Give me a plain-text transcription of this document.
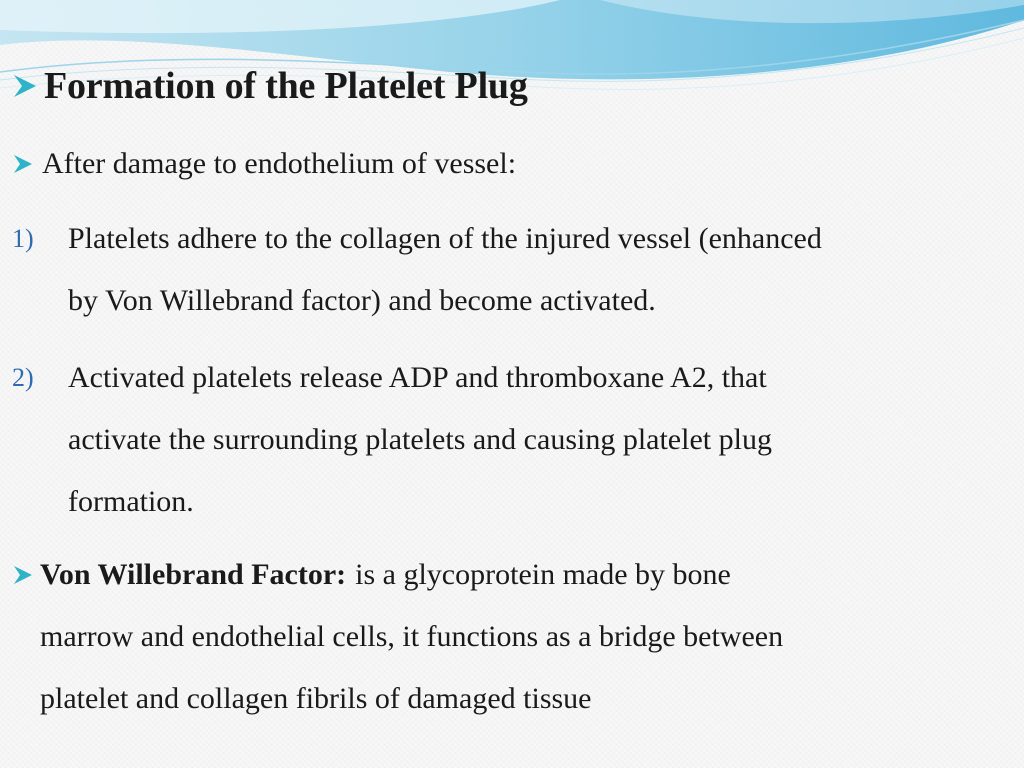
Formation of the Platelet Plug
After damage to endothelium of vessel:
1) Platelets adhere to the collagen of the injured vessel (enhanced
by Von Willebrand factor) and become activated.
2) Activated platelets release ADP and thromboxane A2, that
activate the surrounding platelets and causing platelet plug
formation.
Von Willebrand Factor: is a glycoprotein made by bone
marrow and endothelial cells, it functions as a bridge between
platelet and collagen fibrils of damaged tissue
